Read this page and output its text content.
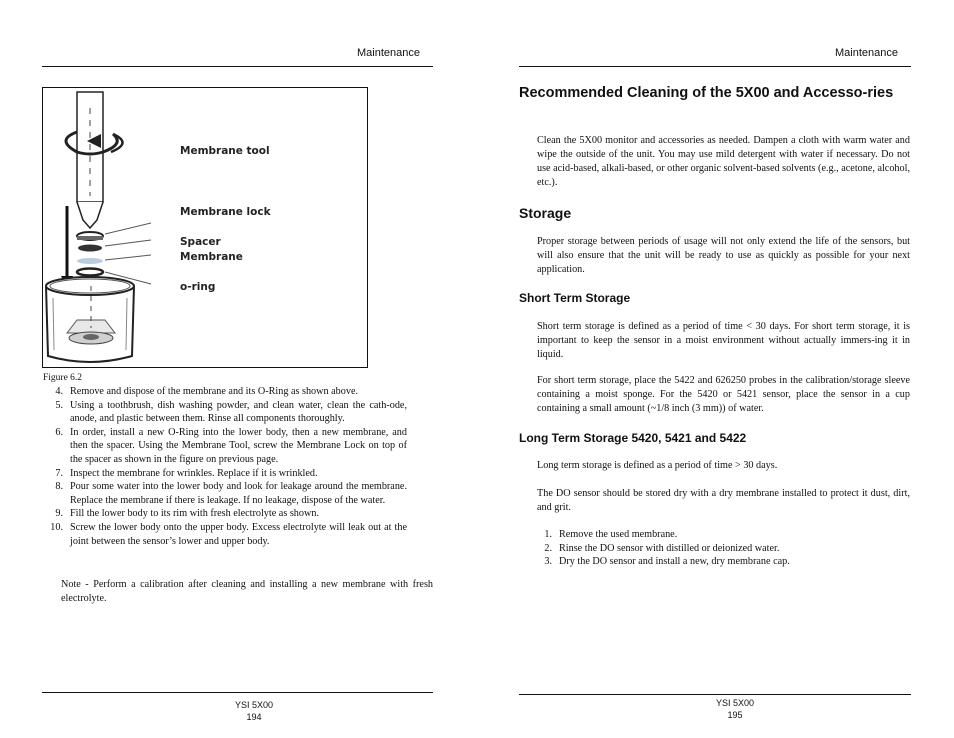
Maintenance
Membrane tool
Membrane lock
Spacer
Membrane
o-ring
Figure 6.2
4. Remove and dispose of the membrane and its O-Ring as shown above.
5. Using a toothbrush, dish washing powder, and clean water, clean the cath-ode, anode, and plastic between them. Rinse all components thoroughly.
6. In order, install a new O-Ring into the lower body, then a new membrane, and then the spacer. Using the Membrane Tool, screw the Membrane Lock on top of the spacer as shown in the figure on previous page.
7. Inspect the membrane for wrinkles. Replace if it is wrinkled.
8. Pour some water into the lower body and look for leakage around the membrane. Replace the membrane if there is leakage. If no leakage, dispose of the water.
9. Fill the lower body to its rim with fresh electrolyte as shown.
10. Screw the lower body onto the upper body. Excess electrolyte will leak out at the joint between the sensor’s lower and upper body.

Note - Perform a calibration after cleaning and installing a new membrane with fresh electrolyte.

YSI 5X00
194
Maintenance
Recommended Cleaning of the 5X00 and Accesso-ries

Clean the 5X00 monitor and accessories as needed. Dampen a cloth with warm water and wipe the outside of the unit. You may use mild detergent with water if necessary. Do not use acid-based, alkali-based, or other organic solvent-based solvents (e.g., acetone, alcohol, etc.).

Storage

Proper storage between periods of usage will not only extend the life of the sensors, but will also ensure that the unit will be ready to use as quickly as possible for your next application.

Short Term Storage

Short term storage is defined as a period of time < 30 days. For short term storage, it is important to keep the sensor in a moist environment without actually immers-ing it in liquid.

For short term storage, place the 5422 and 626250 probes in the calibration/storage sleeve containing a moist sponge. For the 5420 or 5421 sensor, place the sensor in a cup containing a small amount (~1/8 inch (3 mm)) of water.

Long Term Storage 5420, 5421 and 5422

Long term storage is defined as a period of time > 30 days.

The DO sensor should be stored dry with a dry membrane installed to protect it dust, dirt, and grit.

1. Remove the used membrane.
2. Rinse the DO sensor with distilled or deionized water.
3. Dry the DO sensor and install a new, dry membrane cap.
YSI 5X00
195
